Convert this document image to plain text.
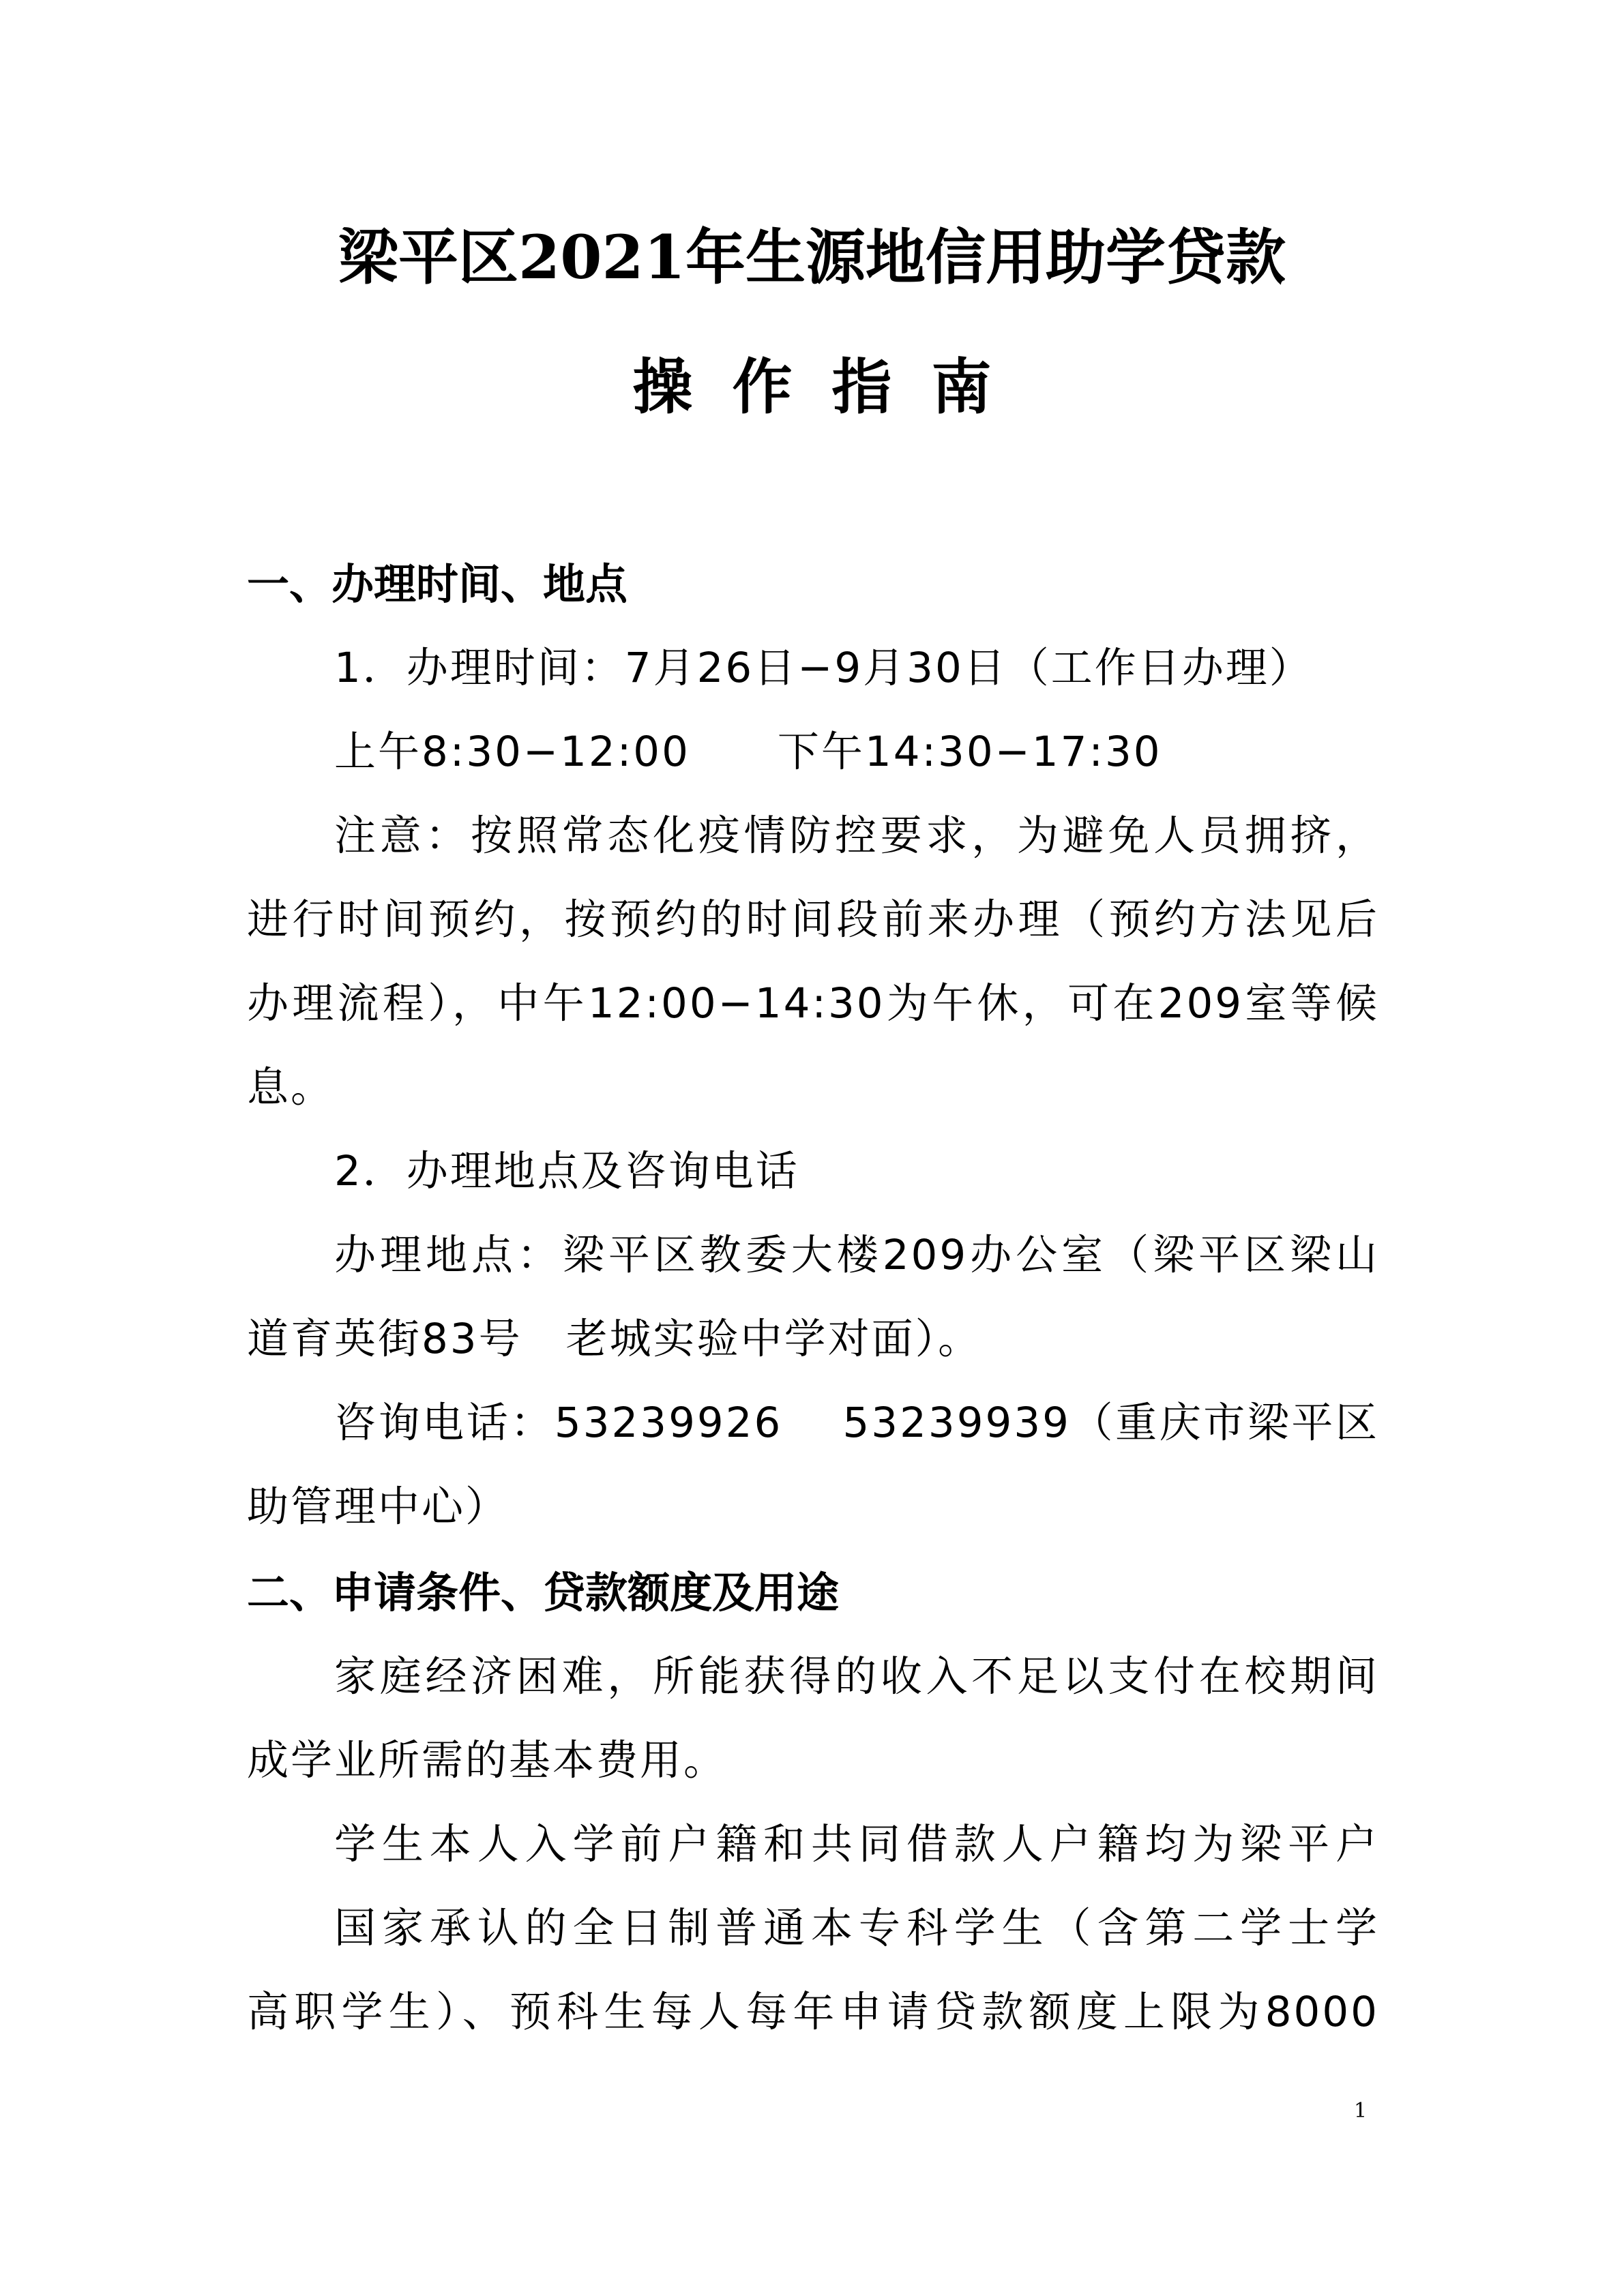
梁平区2021年生源地信用助学贷款
操作指南
一、办理时间、地点
1．办理时间：7月26日−9月30日（工作日办理）
上午8:30−12:00　　下午14:30−17:30
注意：按照常态化疫情防控要求，为避免人员拥挤，
进行时间预约，按预约的时间段前来办理（预约方法见后
办理流程），中午12:00−14:30为午休，可在209室等候
息。
2．办理地点及咨询电话
办理地点：梁平区教委大楼209办公室（梁平区梁山
道育英街83号　老城实验中学对面）。
咨询电话：53239926　 53239939（重庆市梁平区
助管理中心）
二、申请条件、贷款额度及用途
家庭经济困难，所能获得的收入不足以支付在校期间
成学业所需的基本费用。
学生本人入学前户籍和共同借款人户籍均为梁平户
国家承认的全日制普通本专科学生（含第二学士学
高职学生）、预科生每人每年申请贷款额度上限为8000
1
